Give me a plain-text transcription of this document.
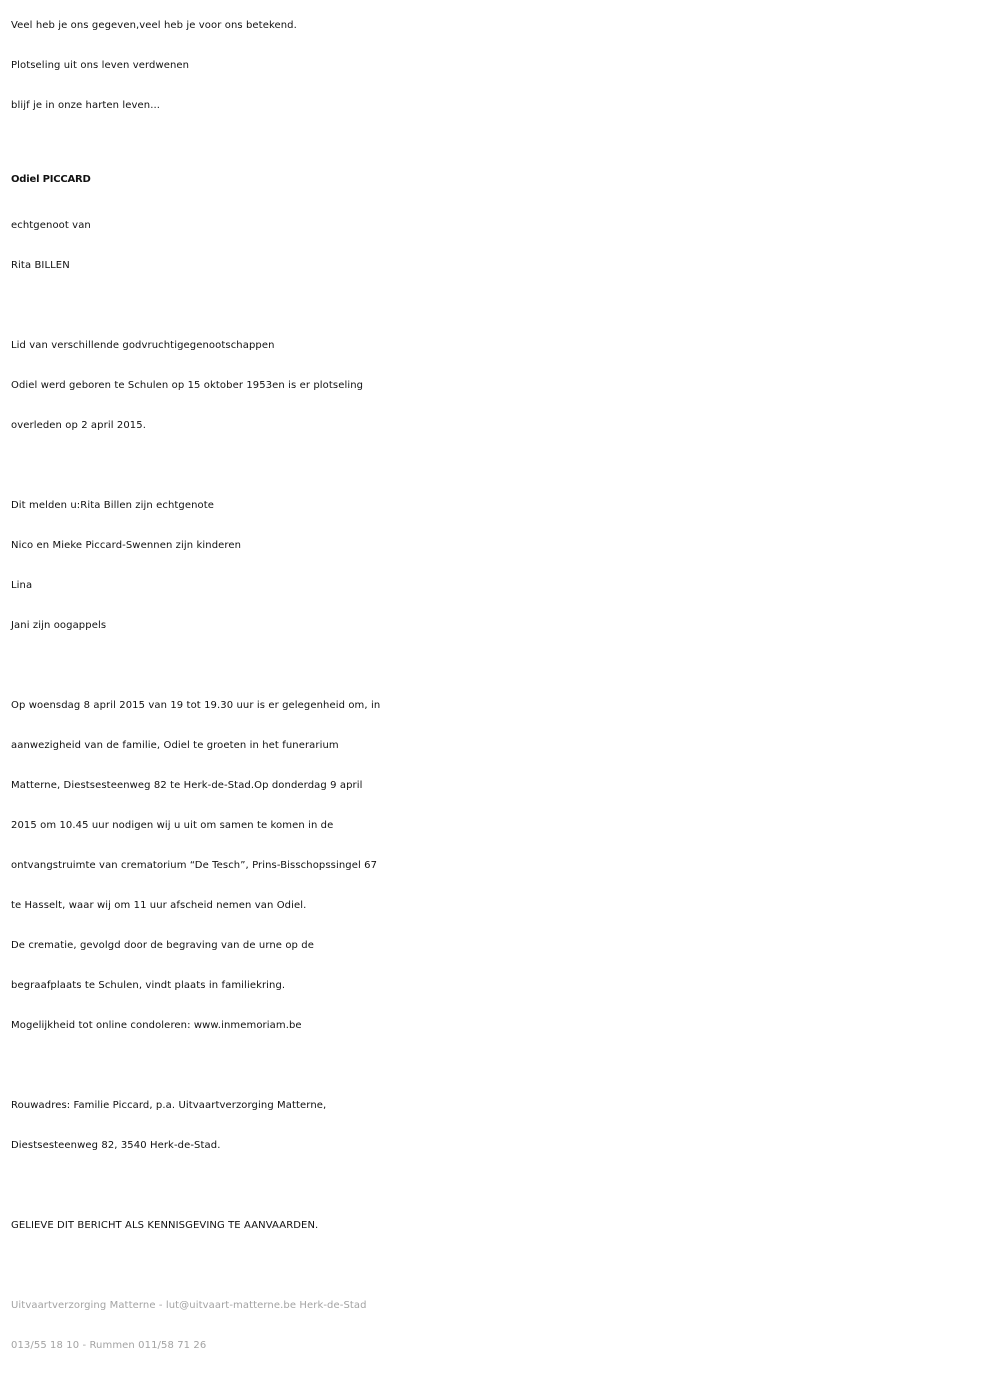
Veel heb je ons gegeven,veel heb je voor ons betekend.
Plotseling uit ons leven verdwenen
blijf je in onze harten leven...
Odiel PICCARD
echtgenoot van
Rita BILLEN
Lid van verschillende godvruchtigegenootschappen
Odiel werd geboren te Schulen op 15 oktober 1953en is er plotseling
overleden op 2 april 2015.
Dit melden u:Rita Billen zijn echtgenote
Nico en Mieke Piccard-Swennen zijn kinderen
Lina
Jani zijn oogappels
Op woensdag 8 april 2015 van 19 tot 19.30 uur is er gelegenheid om, in
aanwezigheid van de familie, Odiel te groeten in het funerarium
Matterne, Diestsesteenweg 82 te Herk-de-Stad.Op donderdag 9 april
2015 om 10.45 uur nodigen wij u uit om samen te komen in de
ontvangstruimte van crematorium “De Tesch”, Prins-Bisschopssingel 67
te Hasselt, waar wij om 11 uur afscheid nemen van Odiel.
De crematie, gevolgd door de begraving van de urne op de
begraafplaats te Schulen, vindt plaats in familiekring.
Mogelijkheid tot online condoleren: www.inmemoriam.be
Rouwadres: Familie Piccard, p.a. Uitvaartverzorging Matterne,
Diestsesteenweg 82, 3540 Herk-de-Stad.
GELIEVE DIT BERICHT ALS KENNISGEVING TE AANVAARDEN.
Uitvaartverzorging Matterne - lut@uitvaart-matterne.be Herk-de-Stad
013/55 18 10 - Rummen 011/58 71 26
